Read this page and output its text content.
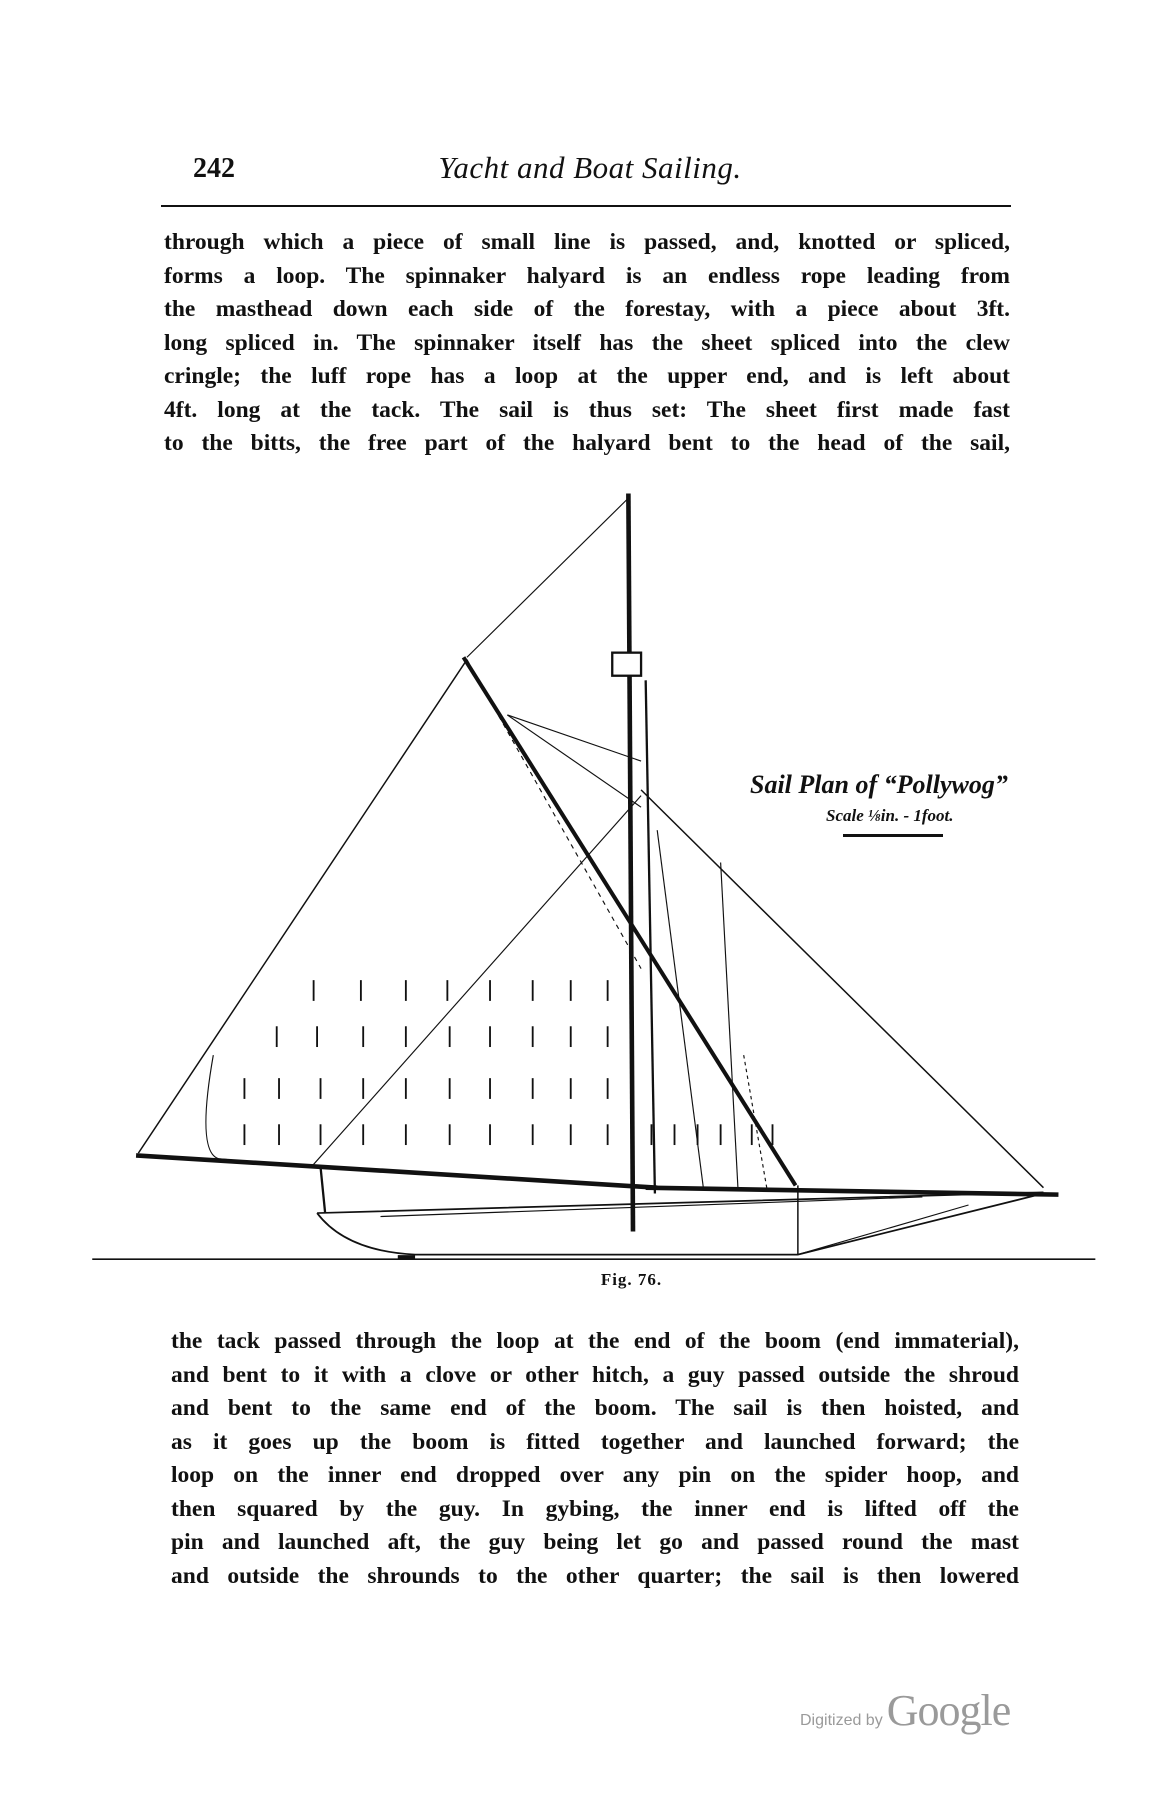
242	Yacht and Boat Sailing.
through which a piece of small line is passed, and, knotted or spliced,
forms a loop. The spinnaker halyard is an endless rope leading from
the masthead down each side of the forestay, with a piece about 3ft.
long spliced in. The spinnaker itself has the sheet spliced into the clew
cringle; the luff rope has a loop at the upper end, and is left about
4ft. long at the tack. The sail is thus set: The sheet first made fast
to the bitts, the free part of the halyard bent to the head of the sail,
Sail Plan of “Pollywog”
Scale ⅛in. - 1foot.
Fig. 76.
the tack passed through the loop at the end of the boom (end immaterial),
and bent to it with a clove or other hitch, a guy passed outside the shroud
and bent to the same end of the boom. The sail is then hoisted, and
as it goes up the boom is fitted together and launched forward; the
loop on the inner end dropped over any pin on the spider hoop, and
then squared by the guy. In gybing, the inner end is lifted off the
pin and launched aft, the guy being let go and passed round the mast
and outside the shrounds to the other quarter; the sail is then lowered
Digitized by Google
